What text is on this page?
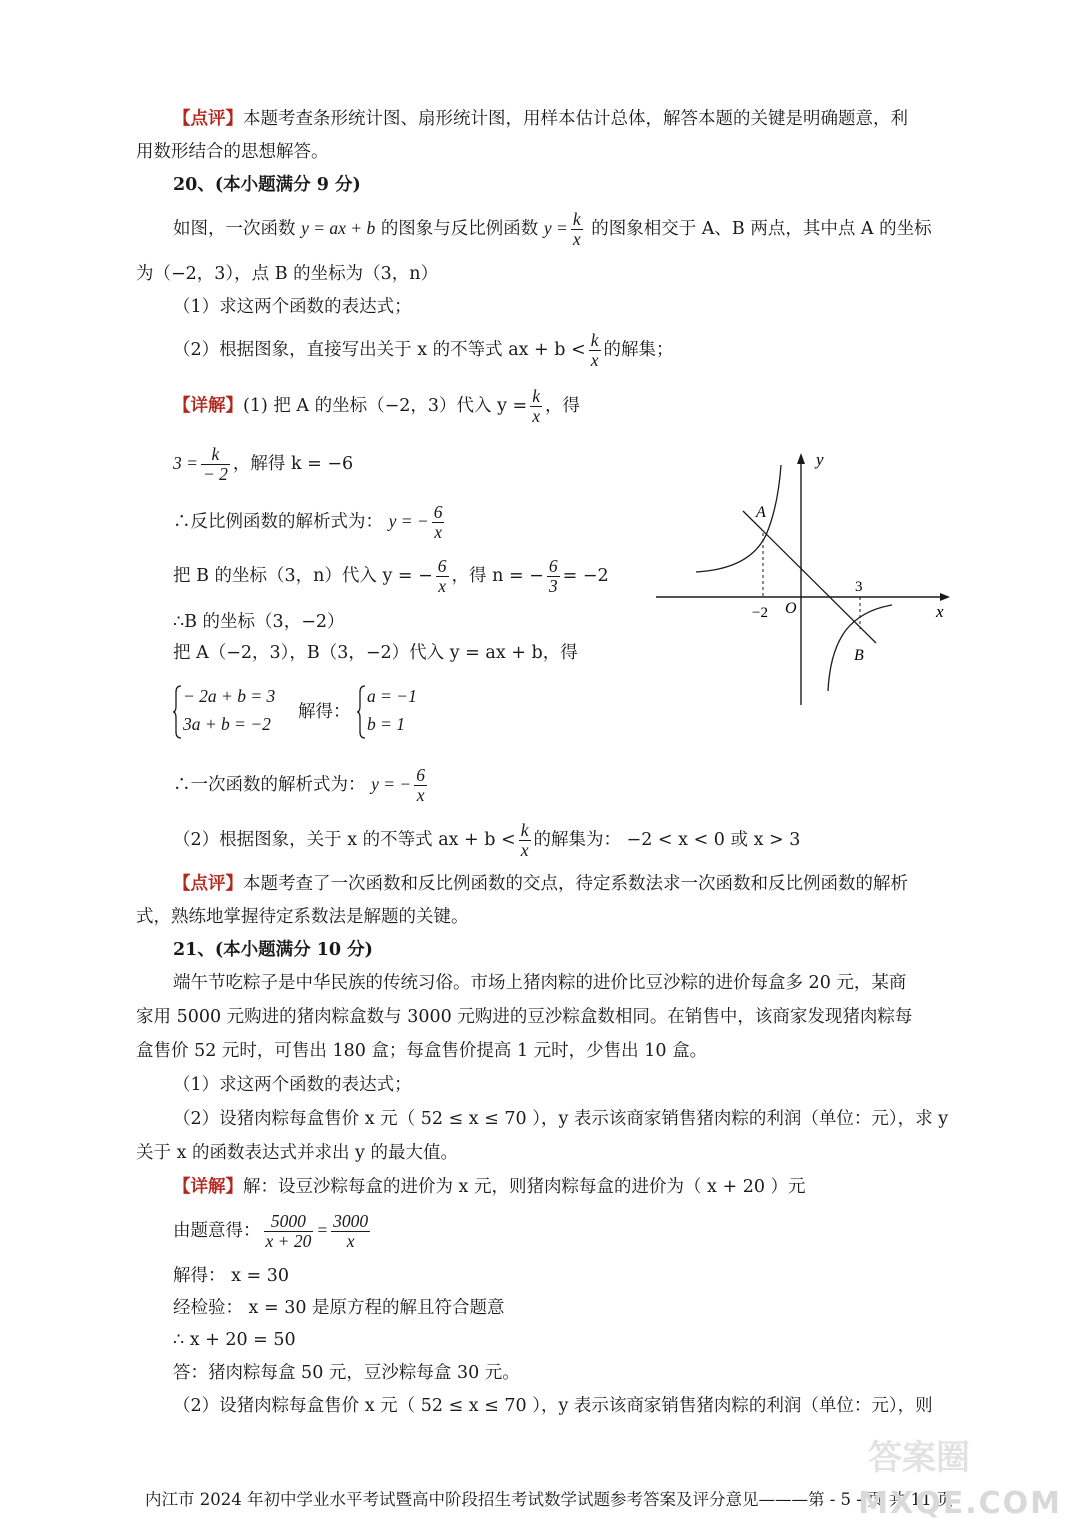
【点评】本题考查条形统计图、扇形统计图，用样本估计总体，解答本题的关键是明确题意，利
用数形结合的思想解答。
20、(本小题满分 9 分)
如图，一次函数 y = ax + b 的图象与反比例函数 $y = \frac{k}{x}$ 的图象相交于 A、B 两点，其中点 A 的坐标
为（−2，3），点 B 的坐标为（3，n）
（1）求这两个函数的表达式；
（2）根据图象，直接写出关于 x 的不等式 ax + $b < \frac{k}{x}$ 的解集；
【详解】(1) 把 A 的坐标（−2，3）代入 $y = \frac{k}{x}$ ，得
$3 = \frac{k}{- 2}$ ，解得 k = −6
∴反比例函数的解析式为： y = − $\frac{6}{x}$
把 B 的坐标（3，n）代入 y = − $\frac{6}{x}$ ，得 n = − $\frac{6}{3} = -2$
∴B 的坐标（3，−2）
把 A（−2，3），B（3，−2）代入 y = ax + b，得
− 2a + b = 3
3a + b = −2
解得：
a = −1
b = 1
∴一次函数的解析式为： y = − $\frac{6}{x}$
（2）根据图象，关于 x 的不等式 ax + $b < \frac{k}{x}$ 的解集为： −2 < x < 0 或 x > 3
【点评】本题考查了一次函数和反比例函数的交点，待定系数法求一次函数和反比例函数的解析
式，熟练地掌握待定系数法是解题的关键。
y
x
O
A
B
−2
3
21、(本小题满分 10 分)
端午节吃粽子是中华民族的传统习俗。市场上猪肉粽的进价比豆沙粽的进价每盒多 20 元，某商
家用 5000 元购进的猪肉粽盒数与 3000 元购进的豆沙粽盒数相同。在销售中，该商家发现猪肉粽每
盒售价 52 元时，可售出 180 盒；每盒售价提高 1 元时，少售出 10 盒。
（1）求这两个函数的表达式；
（2）设猪肉粽每盒售价 x 元（ 52 ≤ x ≤ 70 ），y 表示该商家销售猪肉粽的利润（单位：元），求 y
关于 x 的函数表达式并求出 y 的最大值。
【详解】解：设豆沙粽每盒的进价为 x 元，则猪肉粽每盒的进价为（ x + 20 ）元
由题意得： $\frac{5000}{x + 20} = \frac{3000}{x}$
解得： x = 30
经检验： x = 30 是原方程的解且符合题意
∴ x + 20 = 50
答：猪肉粽每盒 50 元，豆沙粽每盒 30 元。
（2）设猪肉粽每盒售价 x 元（ 52 ≤ x ≤ 70 ），y 表示该商家销售猪肉粽的利润（单位：元），则
内江市 2024 年初中学业水平考试暨高中阶段招生考试数学试题参考答案及评分意见———第 - 5 - 页 共 11 页
答案圈
MXQE.COM
